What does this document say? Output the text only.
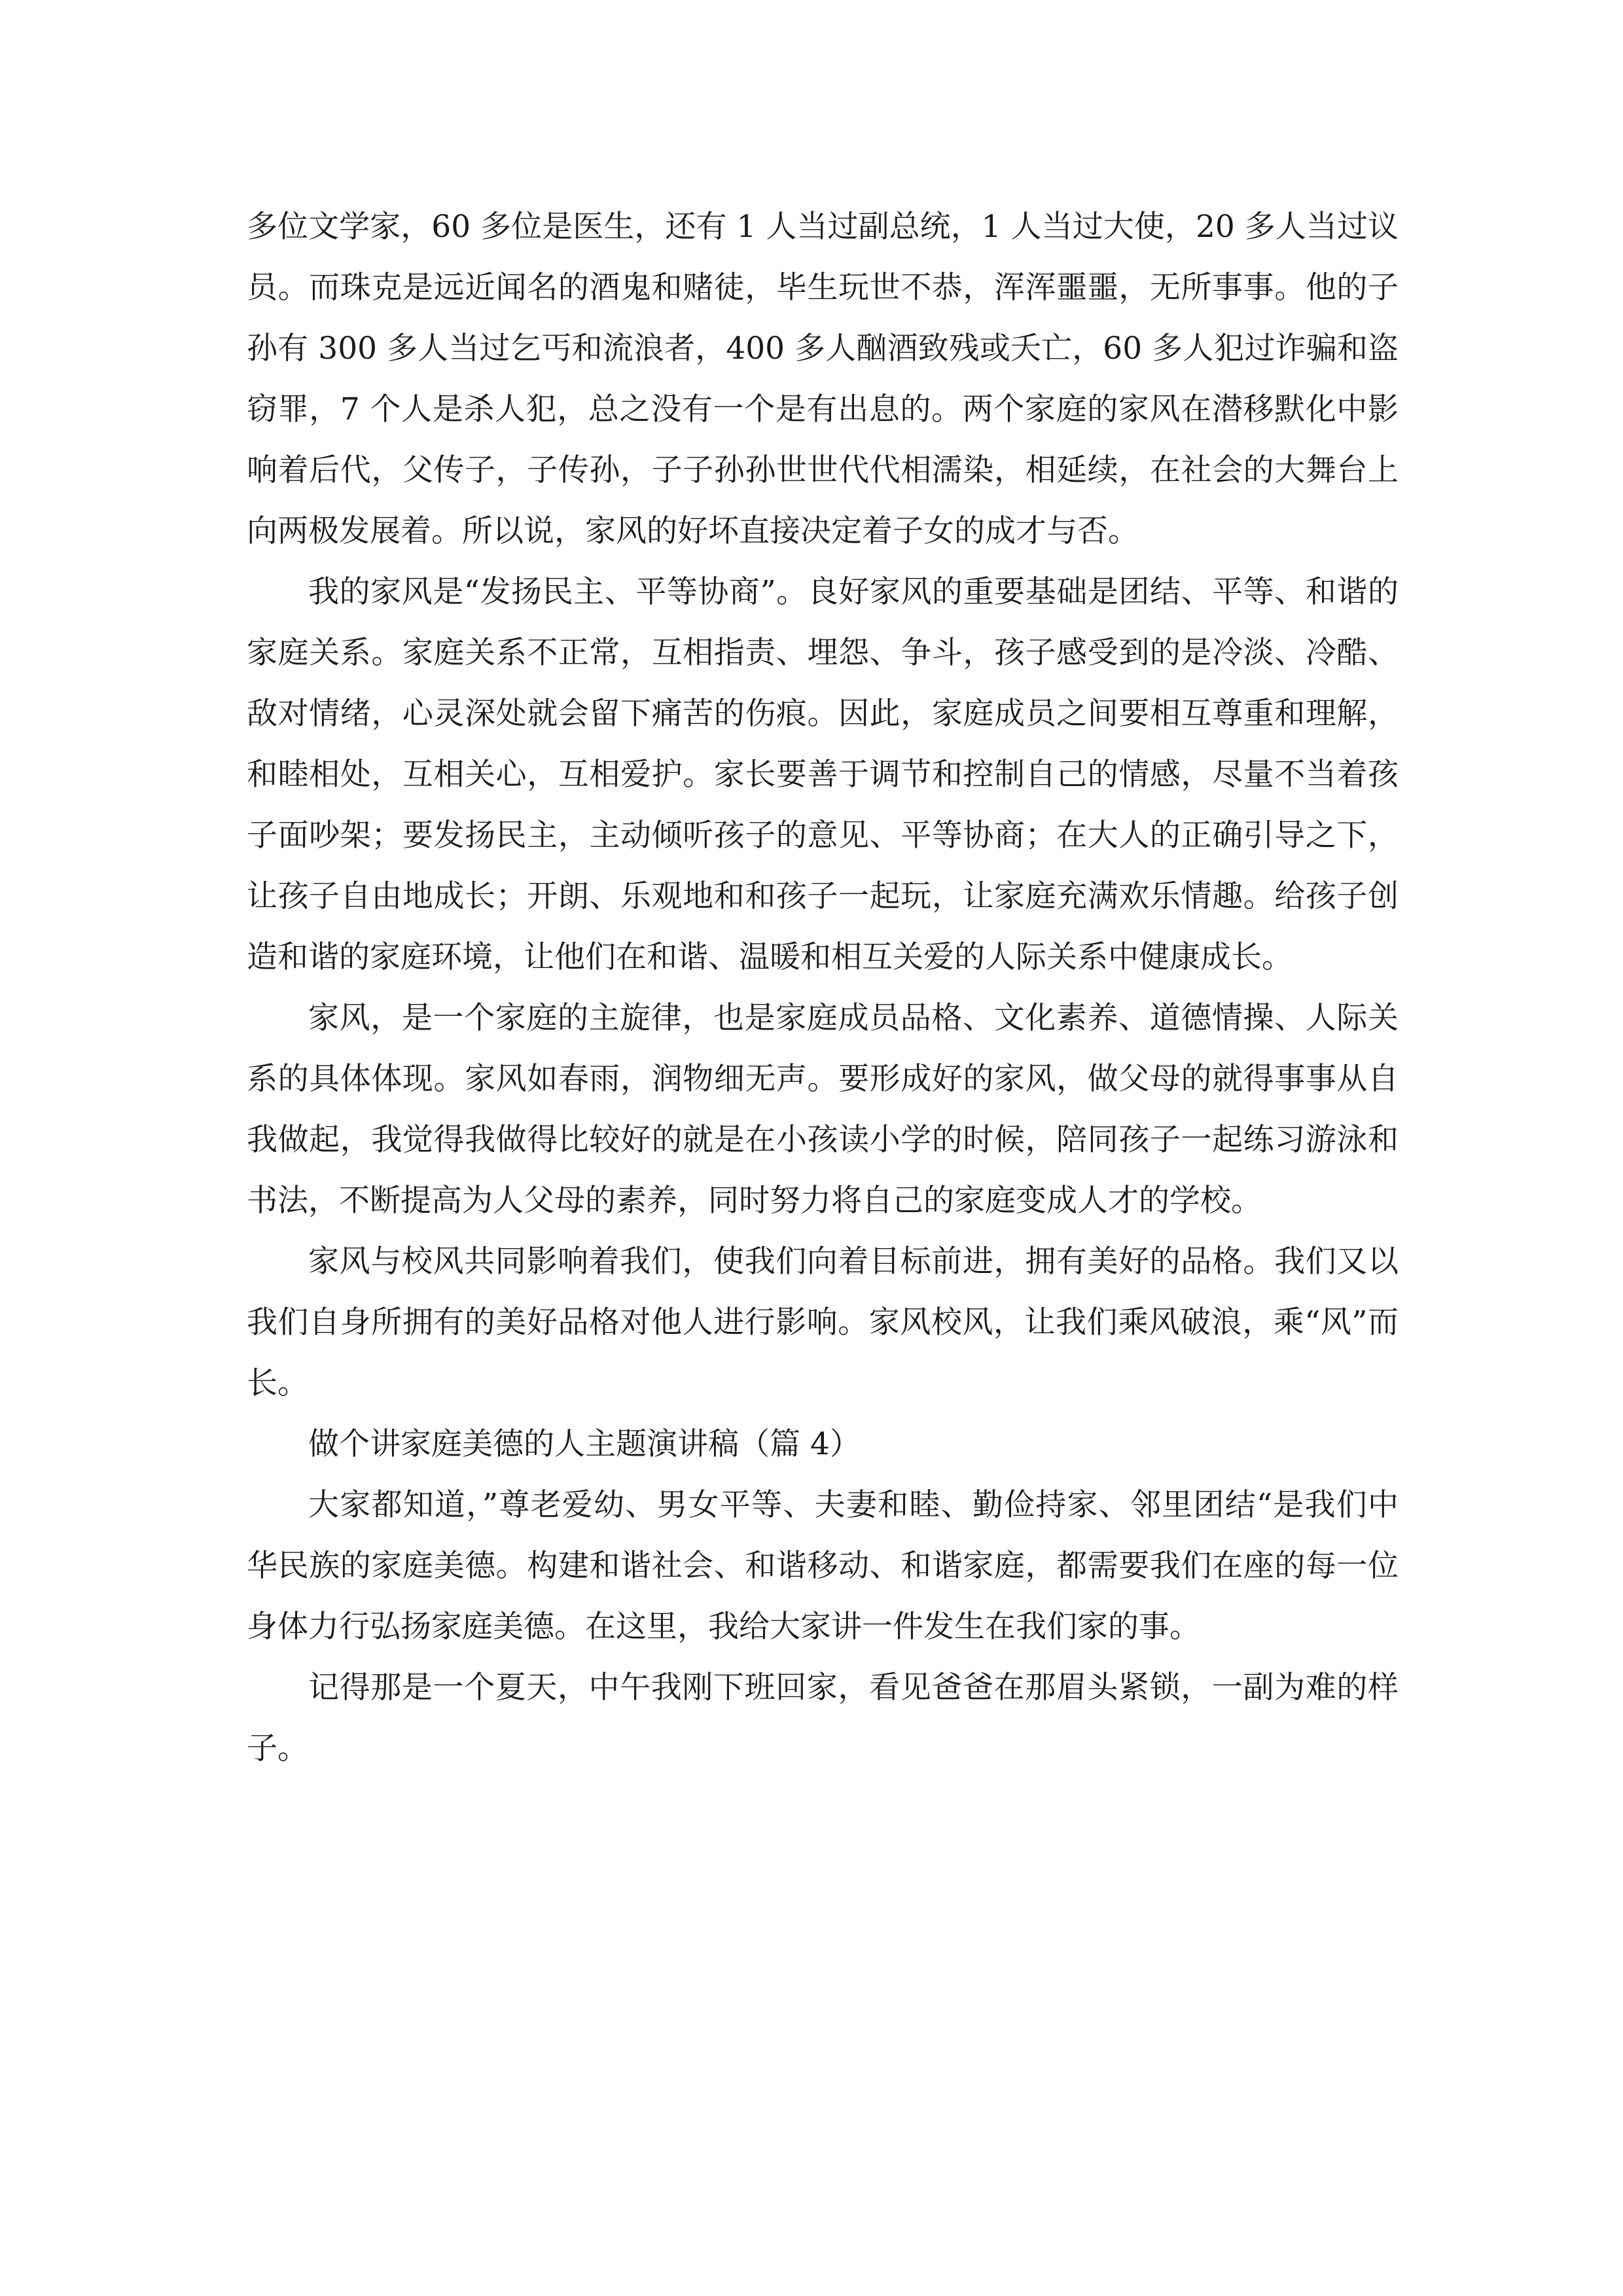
多位文学家，60 多位是医生，还有 1 人当过副总统，1 人当过大使，20 多人当过议员。而珠克是远近闻名的酒鬼和赌徒，毕生玩世不恭，浑浑噩噩，无所事事。他的子孙有 300 多人当过乞丐和流浪者，400 多人酗酒致残或夭亡，60 多人犯过诈骗和盗窃罪，7 个人是杀人犯，总之没有一个是有出息的。两个家庭的家风在潜移默化中影响着后代，父传子，子传孙，子子孙孙世世代代相濡染，相延续，在社会的大舞台上向两极发展着。所以说，家风的好坏直接决定着子女的成才与否。

我的家风是“发扬民主、平等协商”。良好家风的重要基础是团结、平等、和谐的家庭关系。家庭关系不正常，互相指责、埋怨、争斗，孩子感受到的是冷淡、冷酷、敌对情绪，心灵深处就会留下痛苦的伤痕。因此，家庭成员之间要相互尊重和理解，和睦相处，互相关心，互相爱护。家长要善于调节和控制自己的情感，尽量不当着孩子面吵架；要发扬民主，主动倾听孩子的意见、平等协商；在大人的正确引导之下，让孩子自由地成长；开朗、乐观地和和孩子一起玩，让家庭充满欢乐情趣。给孩子创造和谐的家庭环境，让他们在和谐、温暖和相互关爱的人际关系中健康成长。

家风，是一个家庭的主旋律，也是家庭成员品格、文化素养、道德情操、人际关系的具体体现。家风如春雨，润物细无声。要形成好的家风，做父母的就得事事从自我做起，我觉得我做得比较好的就是在小孩读小学的时候，陪同孩子一起练习游泳和书法，不断提高为人父母的素养，同时努力将自己的家庭变成人才的学校。

家风与校风共同影响着我们，使我们向着目标前进，拥有美好的品格。我们又以我们自身所拥有的美好品格对他人进行影响。家风校风，让我们乘风破浪，乘“风”而长。

做个讲家庭美德的人主题演讲稿（篇 4）

大家都知道，”尊老爱幼、男女平等、夫妻和睦、勤俭持家、邻里团结“是我们中华民族的家庭美德。构建和谐社会、和谐移动、和谐家庭，都需要我们在座的每一位身体力行弘扬家庭美德。在这里，我给大家讲一件发生在我们家的事。

记得那是一个夏天，中午我刚下班回家，看见爸爸在那眉头紧锁，一副为难的样子。
